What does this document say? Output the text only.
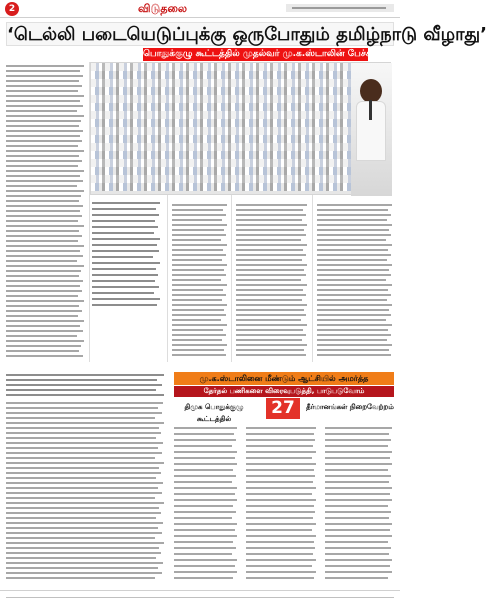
2	விடுதலை
‘டெல்லி படையெடுப்புக்கு ஒருபோதும் தமிழ்நாடு வீழாது’
பொதுக்குழு கூட்டத்தில் முதல்வர் மு.க.ஸ்டாலின் பேச்சு
மு.க.ஸ்டாலினை மீண்டும் ஆட்சியில் அமர்த்த
தேர்தல் பணிகளை விரைவுபடுத்தி, பாடுபடுவோம்
திமுக பொதுக்குழு கூட்டத்தில்
27	தீர்மானங்கள் நிறைவேற்றம்
